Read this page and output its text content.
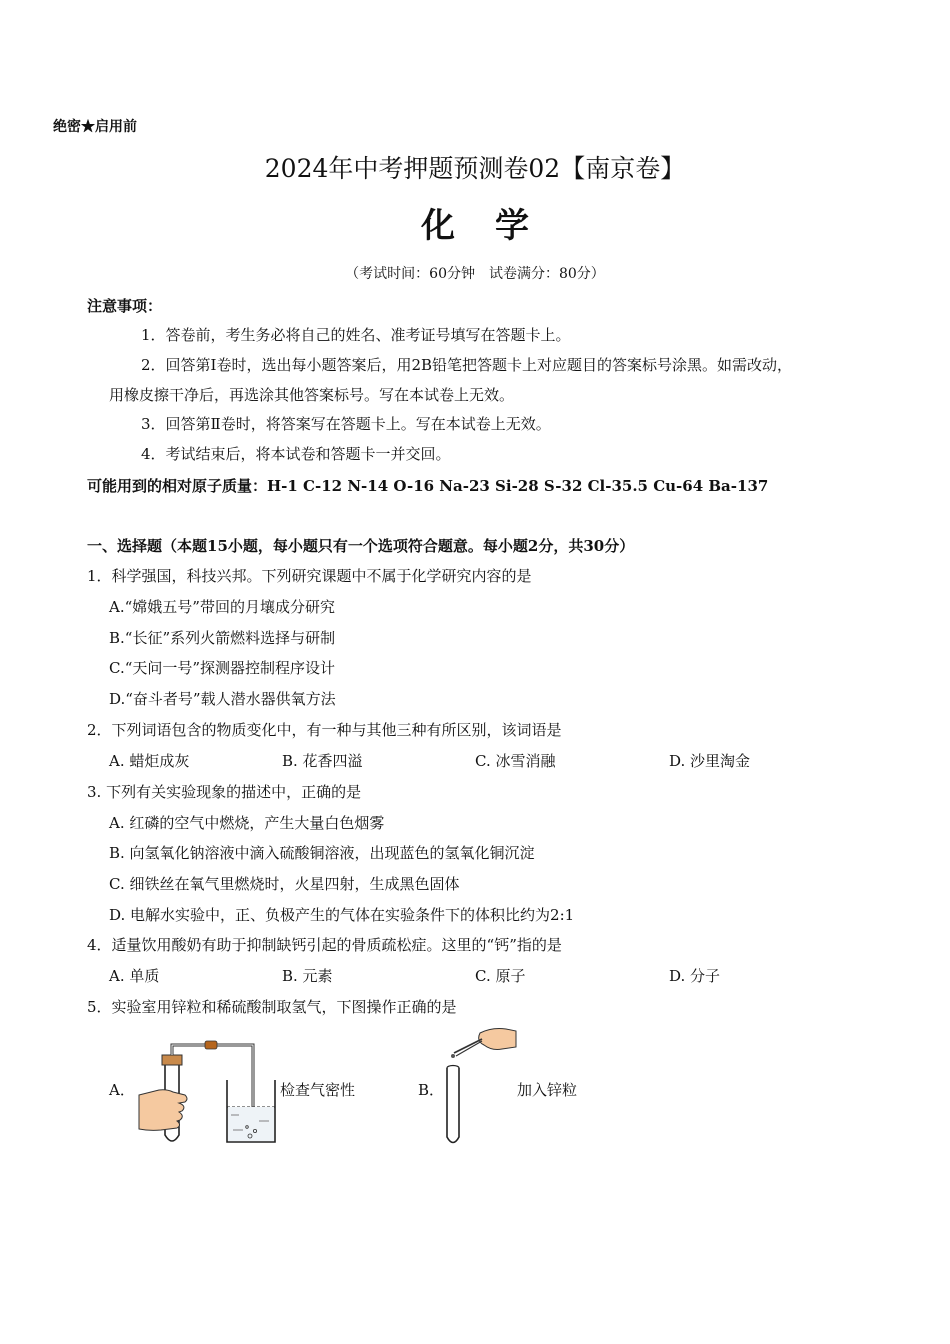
绝密★启用前
2024年中考押题预测卷02【南京卷】
化学
（考试时间：60分钟　试卷满分：80分）
注意事项：
1．答卷前，考生务必将自己的姓名、准考证号填写在答题卡上。
2．回答第Ⅰ卷时，选出每小题答案后，用2B铅笔把答题卡上对应题目的答案标号涂黑。如需改动，
用橡皮擦干净后，再选涂其他答案标号。写在本试卷上无效。
3．回答第Ⅱ卷时，将答案写在答题卡上。写在本试卷上无效。
4．考试结束后，将本试卷和答题卡一并交回。
可能用到的相对原子质量：H-1 C-12 N-14 O-16 Na-23 Si-28 S-32 Cl-35.5 Cu-64 Ba-137
一、选择题（本题15小题，每小题只有一个选项符合题意。每小题2分，共30分）
1．科学强国，科技兴邦。下列研究课题中不属于化学研究内容的是
A.“嫦娥五号”带回的月壤成分研究
B.“长征”系列火箭燃料选择与研制
C.“天问一号”探测器控制程序设计
D.“奋斗者号”载人潜水器供氧方法
2．下列词语包含的物质变化中，有一种与其他三种有所区别，该词语是
A. 蜡炬成灰	B. 花香四溢	C. 冰雪消融	D. 沙里淘金
3. 下列有关实验现象的描述中，正确的是
A. 红磷的空气中燃烧，产生大量白色烟雾
B. 向氢氧化钠溶液中滴入硫酸铜溶液，出现蓝色的氢氧化铜沉淀
C. 细铁丝在氧气里燃烧时，火星四射，生成黑色固体
D. 电解水实验中，正、负极产生的气体在实验条件下的体积比约为2:1
4．适量饮用酸奶有助于抑制缺钙引起的骨质疏松症。这里的“钙”指的是
A. 单质	B. 元素	C. 原子	D. 分子
5．实验室用锌粒和稀硫酸制取氢气，下图操作正确的是
A．	检查气密性	B．	加入锌粒
